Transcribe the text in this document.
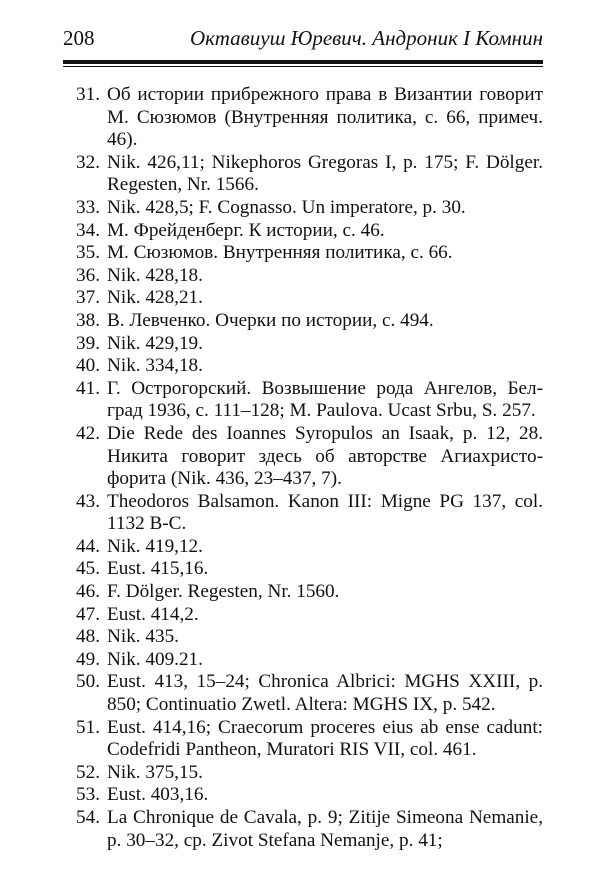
208	Октавиуш Юревич. Андроник I Комнин
31. Об истории прибрежного права в Византии говорит М. Сюзюмов (Внутренняя политика, с. 66, примеч. 46).
32. Nik. 426,11; Nikephoros Gregoras I, p. 175; F. Dölger. Regesten, Nr. 1566.
33. Nik. 428,5; F. Cognasso. Un imperatore, p. 30.
34. М. Фрейденберг. К истории, с. 46.
35. М. Сюзюмов. Внутренняя политика, с. 66.
36. Nik. 428,18.
37. Nik. 428,21.
38. В. Левченко. Очерки по истории, с. 494.
39. Nik. 429,19.
40. Nik. 334,18.
41. Г. Острогорский. Возвышение рода Ангелов, Белград 1936, с. 111–128; M. Paulova. Ucast Srbu, S. 257.
42. Die Rede des Ioannes Syropulos an Isaak, p. 12, 28. Никита говорит здесь об авторстве Агиахристофорита (Nik. 436, 23–437, 7).
43. Theodoros Balsamon. Kanon III: Migne PG 137, col. 1132 B-C.
44. Nik. 419,12.
45. Eust. 415,16.
46. F. Dölger. Regesten, Nr. 1560.
47. Eust. 414,2.
48. Nik. 435.
49. Nik. 409.21.
50. Eust. 413, 15–24; Chronica Albrici: MGHS XXIII, p. 850; Continuatio Zwetl. Altera: MGHS IX, p. 542.
51. Eust. 414,16; Craecorum proceres eius ab ense cadunt: Codefridi Pantheon, Muratori RIS VII, col. 461.
52. Nik. 375,15.
53. Eust. 403,16.
54. La Chronique de Cavala, p. 9; Zitije Simeona Nemanie, p. 30–32, cp. Zivot Stefana Nemanje, p. 41;
